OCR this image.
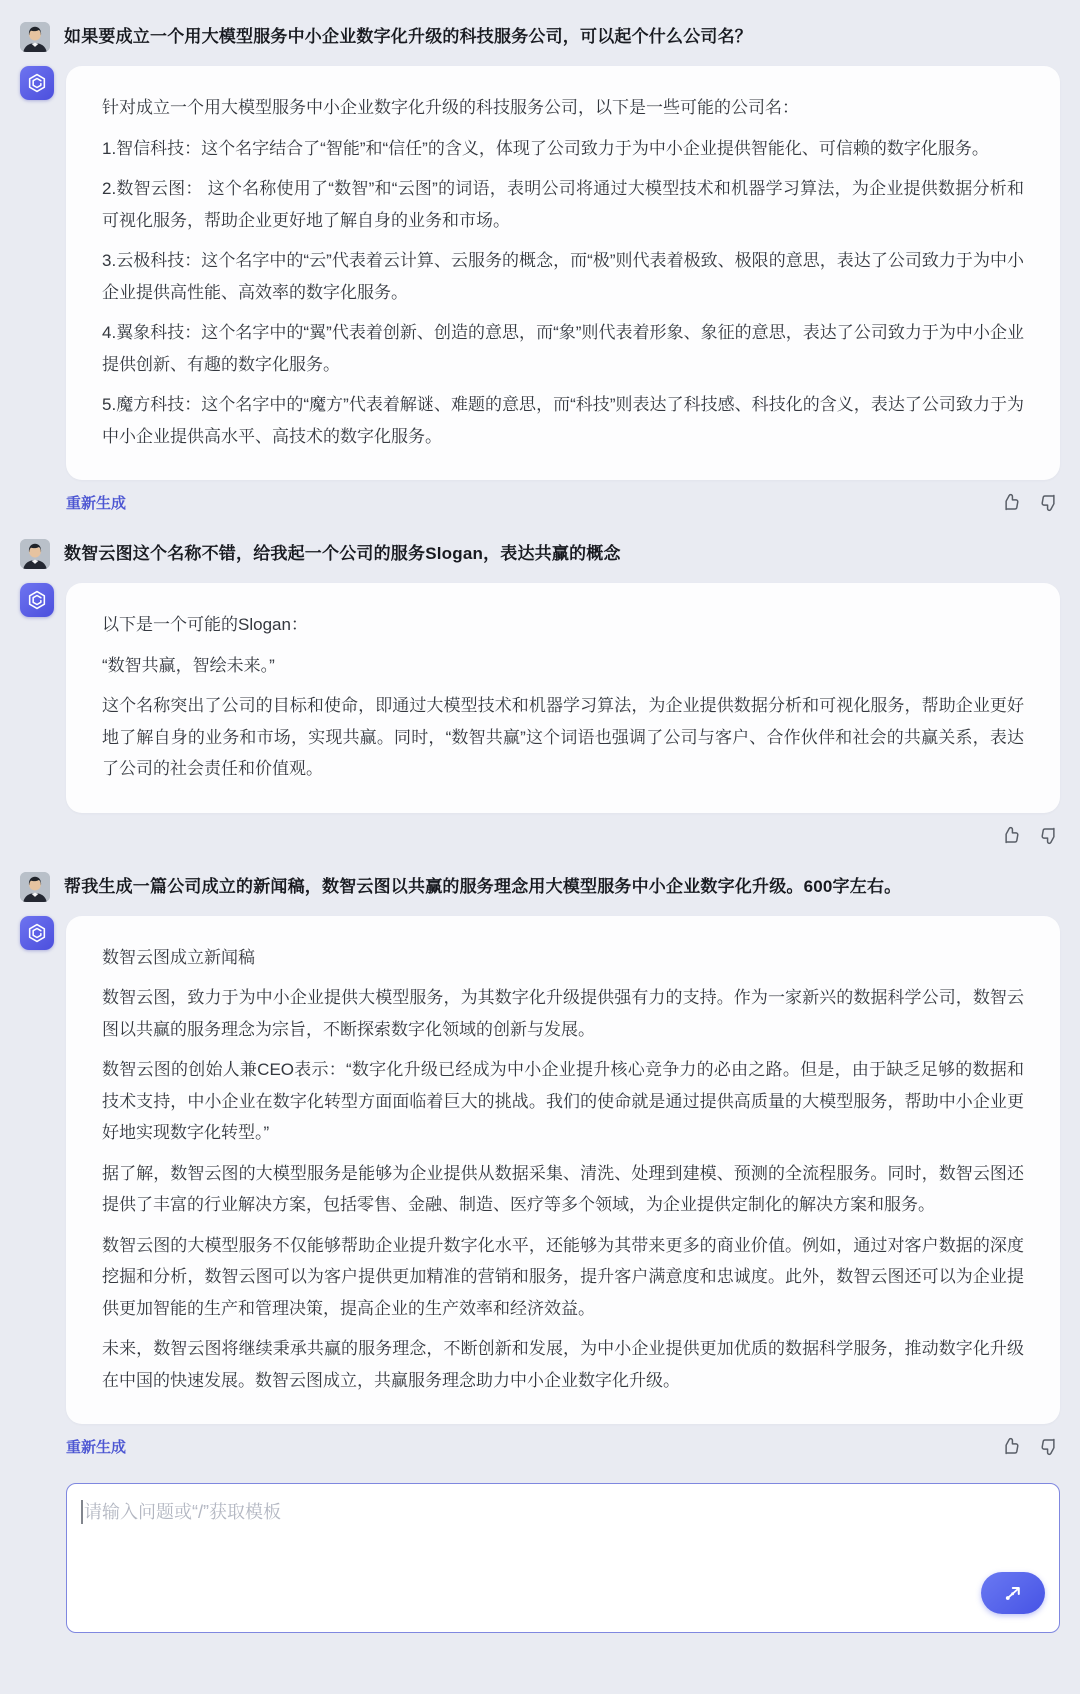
如果要成立一个用大模型服务中小企业数字化升级的科技服务公司，可以起个什么公司名？

针对成立一个用大模型服务中小企业数字化升级的科技服务公司，以下是一些可能的公司名：

1.智信科技：这个名字结合了“智能”和“信任”的含义，体现了公司致力于为中小企业提供智能化、可信赖的数字化服务。

2.数智云图： 这个名称使用了“数智”和“云图”的词语，表明公司将通过大模型技术和机器学习算法，为企业提供数据分析和可视化服务，帮助企业更好地了解自身的业务和市场。

3.云极科技：这个名字中的“云”代表着云计算、云服务的概念，而“极”则代表着极致、极限的意思，表达了公司致力于为中小企业提供高性能、高效率的数字化服务。

4.翼象科技：这个名字中的“翼”代表着创新、创造的意思，而“象”则代表着形象、象征的意思，表达了公司致力于为中小企业提供创新、有趣的数字化服务。

5.魔方科技：这个名字中的“魔方”代表着解谜、难题的意思，而“科技”则表达了科技感、科技化的含义，表达了公司致力于为中小企业提供高水平、高技术的数字化服务。

重新生成
数智云图这个名称不错，给我起一个公司的服务Slogan，表达共赢的概念

以下是一个可能的Slogan：

“数智共赢，智绘未来。”

这个名称突出了公司的目标和使命，即通过大模型技术和机器学习算法，为企业提供数据分析和可视化服务，帮助企业更好地了解自身的业务和市场，实现共赢。同时，“数智共赢”这个词语也强调了公司与客户、合作伙伴和社会的共赢关系，表达了公司的社会责任和价值观。

帮我生成一篇公司成立的新闻稿，数智云图以共赢的服务理念用大模型服务中小企业数字化升级。600字左右。

数智云图成立新闻稿

数智云图，致力于为中小企业提供大模型服务，为其数字化升级提供强有力的支持。作为一家新兴的数据科学公司，数智云图以共赢的服务理念为宗旨，不断探索数字化领域的创新与发展。

数智云图的创始人兼CEO表示：“数字化升级已经成为中小企业提升核心竞争力的必由之路。但是，由于缺乏足够的数据和技术支持，中小企业在数字化转型方面面临着巨大的挑战。我们的使命就是通过提供高质量的大模型服务，帮助中小企业更好地实现数字化转型。”

据了解，数智云图的大模型服务是能够为企业提供从数据采集、清洗、处理到建模、预测的全流程服务。同时，数智云图还提供了丰富的行业解决方案，包括零售、金融、制造、医疗等多个领域，为企业提供定制化的解决方案和服务。

数智云图的大模型服务不仅能够帮助企业提升数字化水平，还能够为其带来更多的商业价值。例如，通过对客户数据的深度挖掘和分析，数智云图可以为客户提供更加精准的营销和服务，提升客户满意度和忠诚度。此外，数智云图还可以为企业提供更加智能的生产和管理决策，提高企业的生产效率和经济效益。

未来，数智云图将继续秉承共赢的服务理念，不断创新和发展，为中小企业提供更加优质的数据科学服务，推动数字化升级在中国的快速发展。数智云图成立，共赢服务理念助力中小企业数字化升级。

重新生成
请输入问题或“/”获取模板
